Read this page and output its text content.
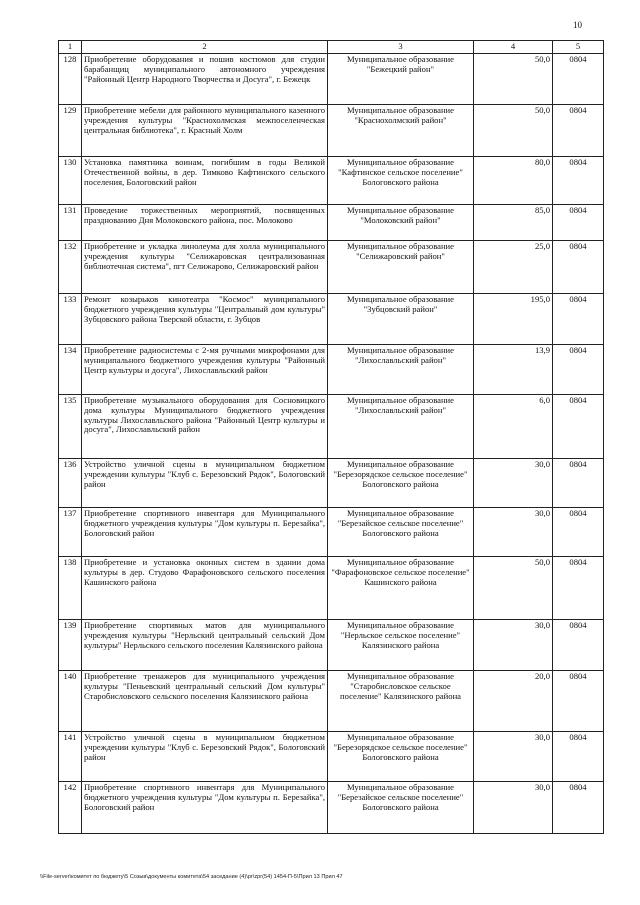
10
1	2	3	4	5
128	Приобретение оборудования и пошив костюмов для студии барабанщиц муниципального автономного учреждения "Районный Центр Народного Творчества и Досуга", г. Бежецк	Муниципальное образование "Бежецкий район"	50,0	0804
129	Приобретение мебели для районного муниципального казенного учреждения культуры "Краснохолмская межпоселенческая центральная библиотека", г. Красный Холм	Муниципальное образование "Краснохолмский район"	50,0	0804
130	Установка памятника воинам, погибшим в годы Великой Отечественной войны, в дер. Тимково Кафтинского сельского поселения, Бологовский район	Муниципальное образование "Кафтинское сельское поселение" Бологовского района	80,0	0804
131	Проведение торжественных мероприятий, посвященных празднованию Дня Молоковского района, пос. Молоково	Муниципальное образование "Молоковский район"	85,0	0804
132	Приобретение и укладка линолеума для холла муниципального учреждения культуры "Селижаровская централизованная библиотечная система", пгт Селижарово, Селижаровский район	Муниципальное образование "Селижаровский район"	25,0	0804
133	Ремонт козырьков кинотеатра "Космос" муниципального бюджетного учреждения культуры "Центральный дом культуры" Зубцовского района Тверской области, г. Зубцов	Муниципальное образование "Зубцовский район"	195,0	0804
134	Приобретение радиосистемы с 2-мя ручными микрофонами для муниципального бюджетного учреждения культуры "Районный Центр культуры и досуга", Лихославльский район	Муниципальное образование "Лихославльский район"	13,9	0804
135	Приобретение музыкального оборудования для Сосновицкого дома культуры Муниципального бюджетного учреждения культуры Лихославльского района "Районный Центр культуры и досуга", Лихославльский район	Муниципальное образование "Лихославльский район"	6,0	0804
136	Устройство уличной сцены в муниципальном бюджетном учреждении культуры "Клуб с. Березовский Рядок", Бологовский район	Муниципальное образование "Березорядское сельское поселение" Бологовского района	30,0	0804
137	Приобретение спортивного инвентаря для Муниципального бюджетного учреждения культуры "Дом культуры п. Березайка", Бологовский район	Муниципальное образование "Березайское сельское поселение" Бологовского района	30,0	0804
138	Приобретение и установка оконных систем в здании дома культуры в дер. Студово Фарафоновского сельского поселения Кашинского района	Муниципальное образование "Фарафоновское сельское поселение" Кашинского района	50,0	0804
139	Приобретение спортивных матов для муниципального учреждения культуры "Нерльский центральный сельский Дом культуры" Нерльского сельского поселения Калязинского района	Муниципальное образование "Нерльское сельское поселение" Калязинского района	30,0	0804
140	Приобретение тренажеров для муниципального учреждения культуры "Пеньевский центральный сельский Дом культуры" Старобисловского сельского поселения Калязинского района	Муниципальное образование "Старобисловское сельское поселение" Калязинского района	20,0	0804
141	Устройство уличной сцены в муниципальном бюджетном учреждении культуры "Клуб с. Березовский Рядок", Бологовский район	Муниципальное образование "Березорядское сельское поселение" Бологовского района	30,0	0804
142	Приобретение спортивного инвентаря для Муниципального бюджетного учреждения культуры "Дом культуры п. Березайка", Бологовский район	Муниципальное образование "Березайское сельское поселение" Бологовского района	30,0	0804
\\File-server\комитет по бюджету\5 Созыв\документы комитета\54 заседание (4)\pr\zpr(54) 1454-П-5\Прил 13 Прил 47
